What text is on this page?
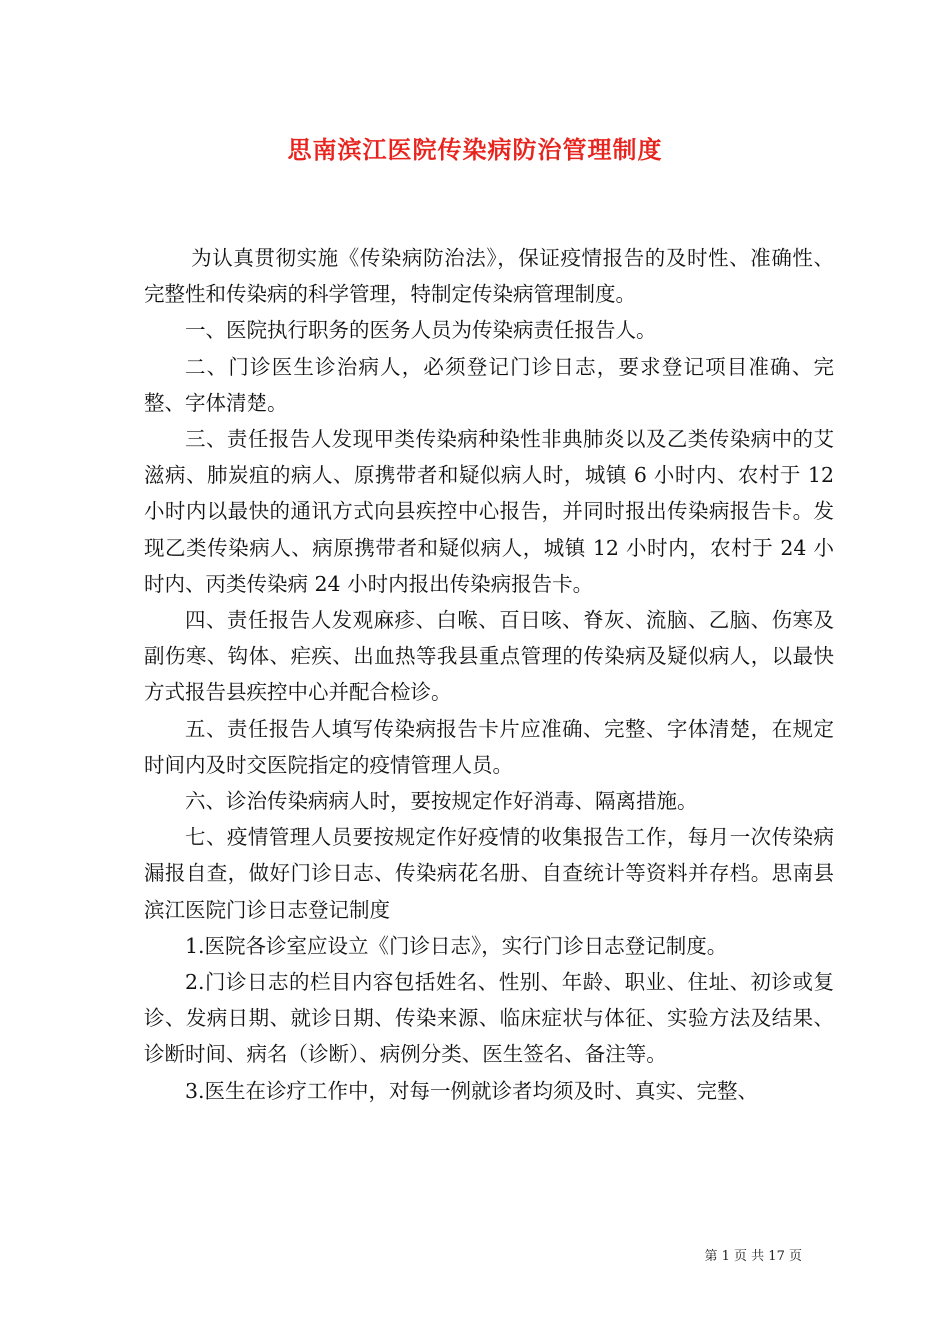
思南滨江医院传染病防治管理制度

为认真贯彻实施《传染病防治法》，保证疫情报告的及时性、准确性、完整性和传染病的科学管理，特制定传染病管理制度。

一、医院执行职务的医务人员为传染病责任报告人。

二、门诊医生诊治病人，必须登记门诊日志，要求登记项目准确、完整、字体清楚。

三、责任报告人发现甲类传染病种染性非典肺炎以及乙类传染病中的艾滋病、肺炭疽的病人、原携带者和疑似病人时，城镇 6 小时内、农村于 12 小时内以最快的通讯方式向县疾控中心报告，并同时报出传染病报告卡。发现乙类传染病人、病原携带者和疑似病人，城镇 12 小时内，农村于 24 小时内、丙类传染病 24 小时内报出传染病报告卡。

四、责任报告人发观麻疹、白喉、百日咳、脊灰、流脑、乙脑、伤寒及副伤寒、钩体、疟疾、出血热等我县重点管理的传染病及疑似病人，以最快方式报告县疾控中心并配合检诊。

五、责任报告人填写传染病报告卡片应准确、完整、字体清楚，在规定时间内及时交医院指定的疫情管理人员。

六、诊治传染病病人时，要按规定作好消毒、隔离措施。

七、疫情管理人员要按规定作好疫情的收集报告工作，每月一次传染病漏报自查，做好门诊日志、传染病花名册、自查统计等资料并存档。思南县滨江医院门诊日志登记制度

1.医院各诊室应设立《门诊日志》，实行门诊日志登记制度。

2.门诊日志的栏目内容包括姓名、性别、年龄、职业、住址、初诊或复诊、发病日期、就诊日期、传染来源、临床症状与体征、实验方法及结果、诊断时间、病名（诊断）、病例分类、医生签名、备注等。

3.医生在诊疗工作中，对每一例就诊者均须及时、真实、完整、

第 1 页 共 17 页
